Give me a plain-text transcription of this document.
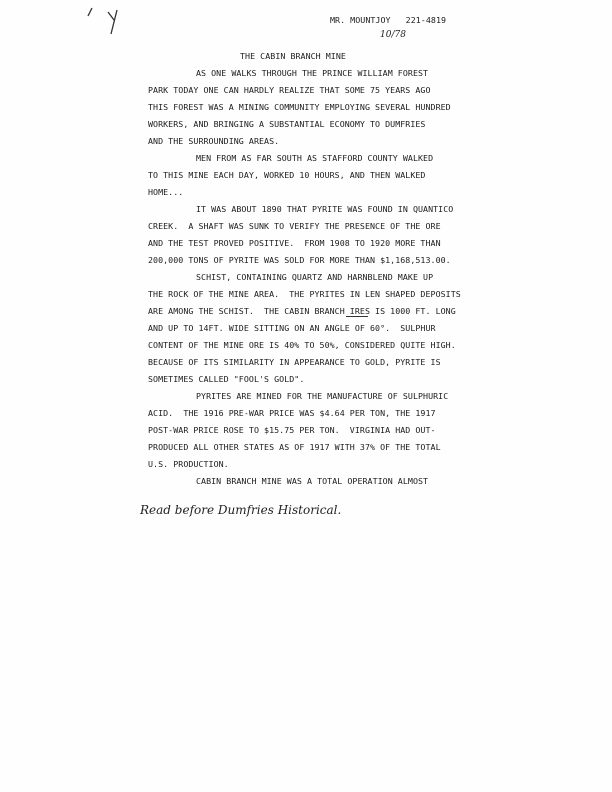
MR. MOUNTJOY   221-4819
10/78
THE CABIN BRANCH MINE
AS ONE WALKS THROUGH THE PRINCE WILLIAM FOREST
PARK TODAY ONE CAN HARDLY REALIZE THAT SOME 75 YEARS AGO
THIS FOREST WAS A MINING COMMUNITY EMPLOYING SEVERAL HUNDRED
WORKERS, AND BRINGING A SUBSTANTIAL ECONOMY TO DUMFRIES
AND THE SURROUNDING AREAS.
MEN FROM AS FAR SOUTH AS STAFFORD COUNTY WALKED
TO THIS MINE EACH DAY, WORKED 10 HOURS, AND THEN WALKED
HOME...
IT WAS ABOUT 1890 THAT PYRITE WAS FOUND IN QUANTICO
CREEK.  A SHAFT WAS SUNK TO VERIFY THE PRESENCE OF THE ORE
AND THE TEST PROVED POSITIVE.  FROM 1908 TO 1920 MORE THAN
200,000 TONS OF PYRITE WAS SOLD FOR MORE THAN $1,168,513.00.
SCHIST, CONTAINING QUARTZ AND HARNBLEND MAKE UP
THE ROCK OF THE MINE AREA.  THE PYRITES IN LEN SHAPED DEPOSITS
ARE AMONG THE SCHIST.  THE CABIN BRANCH IRES IS 1000 FT. LONG
AND UP TO 14FT. WIDE SITTING ON AN ANGLE OF 60°.  SULPHUR
CONTENT OF THE MINE ORE IS 40% TO 50%, CONSIDERED QUITE HIGH.
BECAUSE OF ITS SIMILARITY IN APPEARANCE TO GOLD, PYRITE IS
SOMETIMES CALLED "FOOL'S GOLD".
PYRITES ARE MINED FOR THE MANUFACTURE OF SULPHURIC
ACID.  THE 1916 PRE-WAR PRICE WAS $4.64 PER TON, THE 1917
POST-WAR PRICE ROSE TO $15.75 PER TON.  VIRGINIA HAD OUT-
PRODUCED ALL OTHER STATES AS OF 1917 WITH 37% OF THE TOTAL
U.S. PRODUCTION.
CABIN BRANCH MINE WAS A TOTAL OPERATION ALMOST
Read before Dumfries Historical.
